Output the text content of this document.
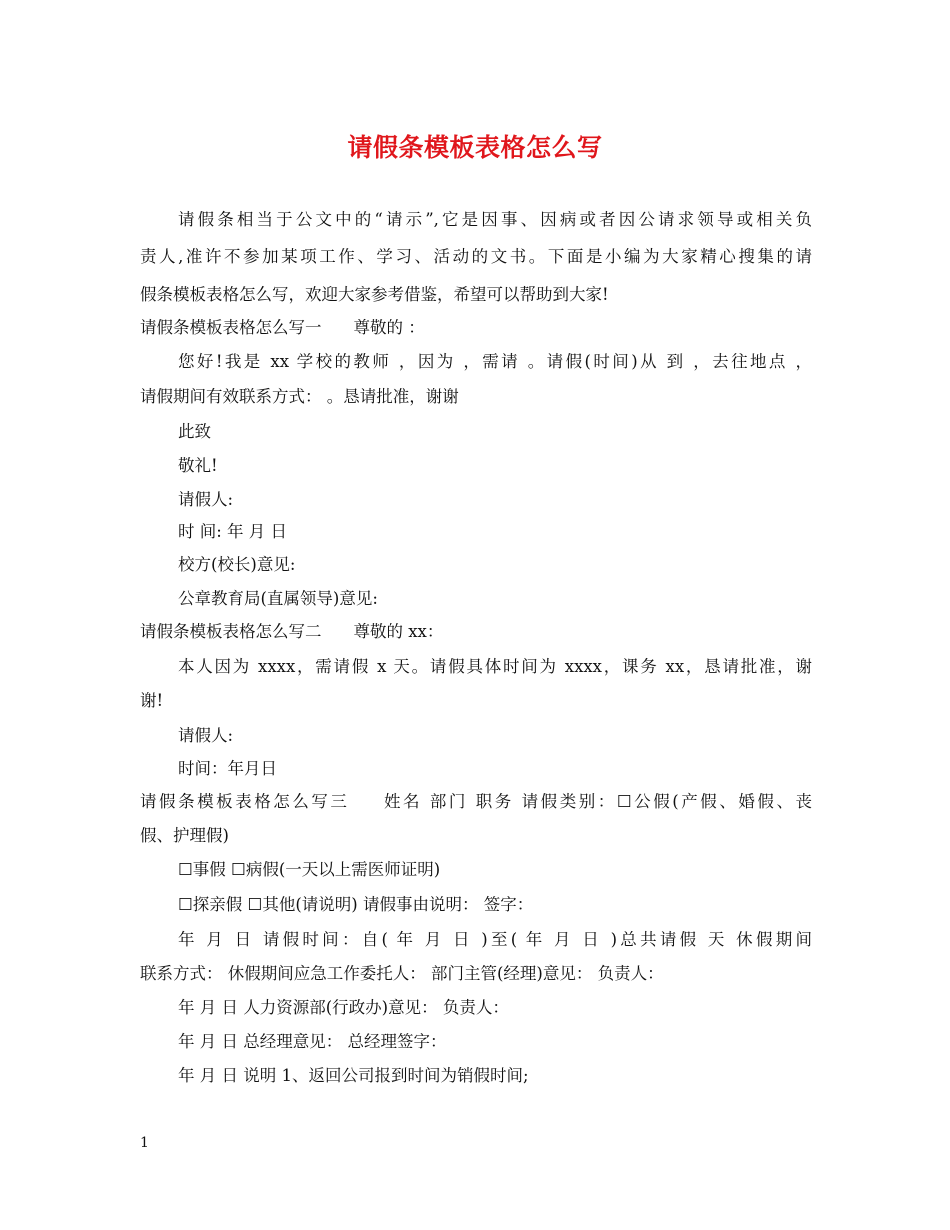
请假条模板表格怎么写
请假条相当于公文中的“请示”,它是因事、因病或者因公请求领导或相关负
责人,准许不参加某项工作、学习、活动的文书。下面是小编为大家精心搜集的请
假条模板表格怎么写，欢迎大家参考借鉴，希望可以帮助到大家!
请假条模板表格怎么写一 尊敬的 ：
您好!我是 xx 学校的教师 ，因为 ，需请 。请假(时间)从 到 ，去往地点 ，
请假期间有效联系方式： 。恳请批准，谢谢
此致
敬礼!
请假人:
时 间: 年 月 日
校方(校长)意见:
公章教育局(直属领导)意见:
请假条模板表格怎么写二 尊敬的 xx：
本人因为 xxxx，需请假 x 天。请假具体时间为 xxxx，课务 xx，恳请批准，谢
谢!
请假人:
时间：年月日
请假条模板表格怎么写三 姓名 部门 职务 请假类别：☐公假(产假、婚假、丧
假、护理假)
☐事假 ☐病假(一天以上需医师证明)
☐探亲假 ☐其他(请说明) 请假事由说明： 签字：
年 月 日 请假时间：自( 年 月 日 )至( 年 月 日 )总共请假 天 休假期间
联系方式： 休假期间应急工作委托人： 部门主管(经理)意见： 负责人：
年 月 日 人力资源部(行政办)意见： 负责人：
年 月 日 总经理意见： 总经理签字：
年 月 日 说明 1、返回公司报到时间为销假时间;
1
